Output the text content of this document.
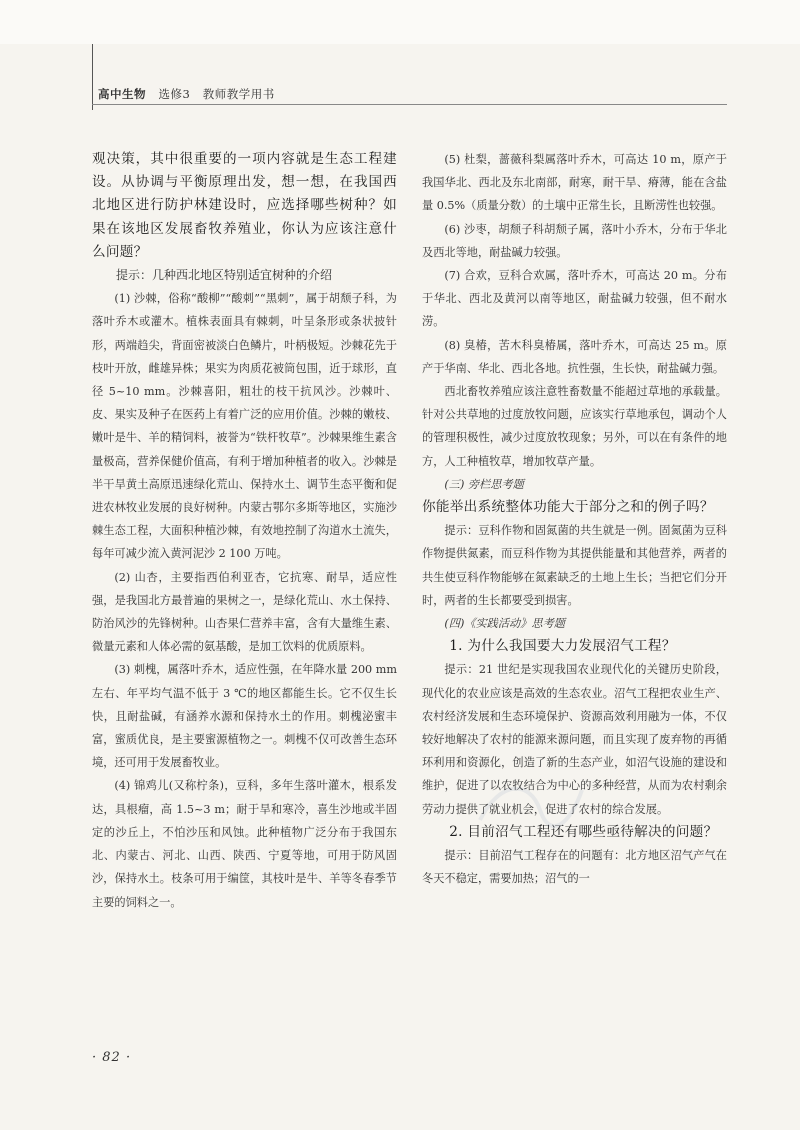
高中生物 选修3 教师教学用书

观决策，其中很重要的一项内容就是生态工程建设。从协调与平衡原理出发，想一想，在我国西北地区进行防护林建设时，应选择哪些树种？如果在该地区发展畜牧养殖业，你认为应该注意什么问题？

提示：几种西北地区特别适宜树种的介绍

(1) 沙棘，俗称“酸柳”“酸刺”“黑刺”，属于胡颓子科，为落叶乔木或灌木。植株表面具有棘刺，叶呈条形或条状披针形，两端趋尖，背面密被淡白色鳞片，叶柄极短。沙棘花先于枝叶开放，雌雄异株；果实为肉质花被筒包围，近于球形，直径 5~10 mm。沙棘喜阳，粗壮的枝干抗风沙。沙棘叶、皮、果实及种子在医药上有着广泛的应用价值。沙棘的嫩枝、嫩叶是牛、羊的精饲料，被誉为“铁杆牧草”。沙棘果维生素含量极高，营养保健价值高，有利于增加种植者的收入。沙棘是半干旱黄土高原迅速绿化荒山、保持水土、调节生态平衡和促进农林牧业发展的良好树种。内蒙古鄂尔多斯等地区，实施沙棘生态工程，大面积种植沙棘，有效地控制了沟道水土流失，每年可减少流入黄河泥沙 2 100 万吨。

(2) 山杏，主要指西伯利亚杏，它抗寒、耐旱，适应性强，是我国北方最普遍的果树之一，是绿化荒山、水土保持、防治风沙的先锋树种。山杏果仁营养丰富，含有大量维生素、微量元素和人体必需的氨基酸，是加工饮料的优质原料。

(3) 刺槐，属落叶乔木，适应性强，在年降水量 200 mm 左右、年平均气温不低于 3 ℃的地区都能生长。它不仅生长快，且耐盐碱，有涵养水源和保持水土的作用。刺槐泌蜜丰富，蜜质优良，是主要蜜源植物之一。刺槐不仅可改善生态环境，还可用于发展畜牧业。

(4) 锦鸡儿(又称柠条)，豆科，多年生落叶灌木，根系发达，具根瘤，高 1.5~3 m；耐于旱和寒冷，喜生沙地或半固定的沙丘上，不怕沙压和风蚀。此种植物广泛分布于我国东北、内蒙古、河北、山西、陕西、宁夏等地，可用于防风固沙，保持水土。枝条可用于编筐，其枝叶是牛、羊等冬春季节主要的饲料之一。

(5) 杜梨，蔷薇科梨属落叶乔木，可高达 10 m，原产于我国华北、西北及东北南部，耐寒，耐干旱、瘠薄，能在含盐量 0.5%（质量分数）的土壤中正常生长，且断涝性也较强。

(6) 沙枣，胡颓子科胡颓子属，落叶小乔木，分布于华北及西北等地，耐盐碱力较强。

(7) 合欢，豆科合欢属，落叶乔木，可高达 20 m。分布于华北、西北及黄河以南等地区，耐盐碱力较强，但不耐水涝。

(8) 臭椿，苦木科臭椿属，落叶乔木，可高达 25 m。原产于华南、华北、西北各地。抗性强，生长快，耐盐碱力强。

西北畜牧养殖应该注意牲畜数量不能超过草地的承载量。针对公共草地的过度放牧问题，应该实行草地承包，调动个人的管理积极性，减少过度放牧现象；另外，可以在有条件的地方，人工种植牧草，增加牧草产量。

(三) 旁栏思考题

你能举出系统整体功能大于部分之和的例子吗？

提示：豆科作物和固氮菌的共生就是一例。固氮菌为豆科作物提供氮素，而豆科作物为其提供能量和其他营养，两者的共生使豆科作物能够在氮素缺乏的土地上生长；当把它们分开时，两者的生长都要受到损害。

(四)《实践活动》思考题

1. 为什么我国要大力发展沼气工程？

提示：21 世纪是实现我国农业现代化的关键历史阶段，现代化的农业应该是高效的生态农业。沼气工程把农业生产、农村经济发展和生态环境保护、资源高效利用融为一体，不仅较好地解决了农村的能源来源问题，而且实现了废弃物的再循环利用和资源化，创造了新的生态产业，如沼气设施的建设和维护，促进了以农牧结合为中心的多种经营，从而为农村剩余劳动力提供了就业机会，促进了农村的综合发展。

2. 目前沼气工程还有哪些亟待解决的问题？

提示：目前沼气工程存在的问题有：北方地区沼气产气在冬天不稳定，需要加热；沼气的一

· 82 ·
